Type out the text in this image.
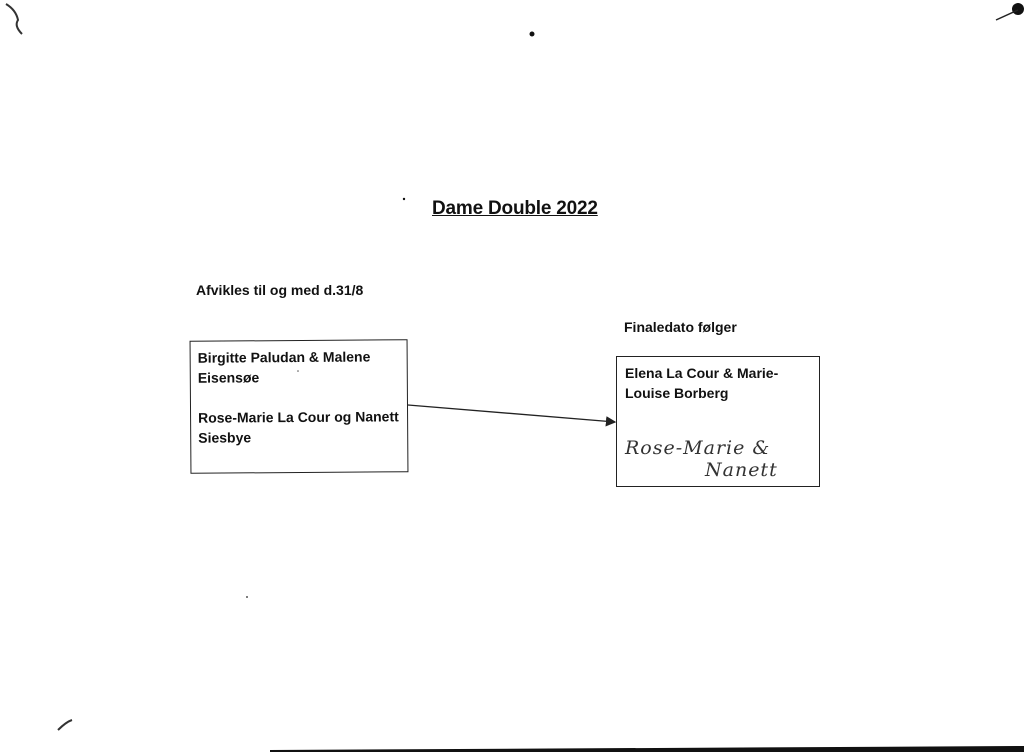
Dame Double 2022
Afvikles til og med d.31/8
Finaledato følger

Birgitte Paludan & Malene Eisensøe

Rose-Marie La Cour og Nanett Siesbye

Elena La Cour & Marie-Louise Borberg

Rose-Marie &
Nanett
